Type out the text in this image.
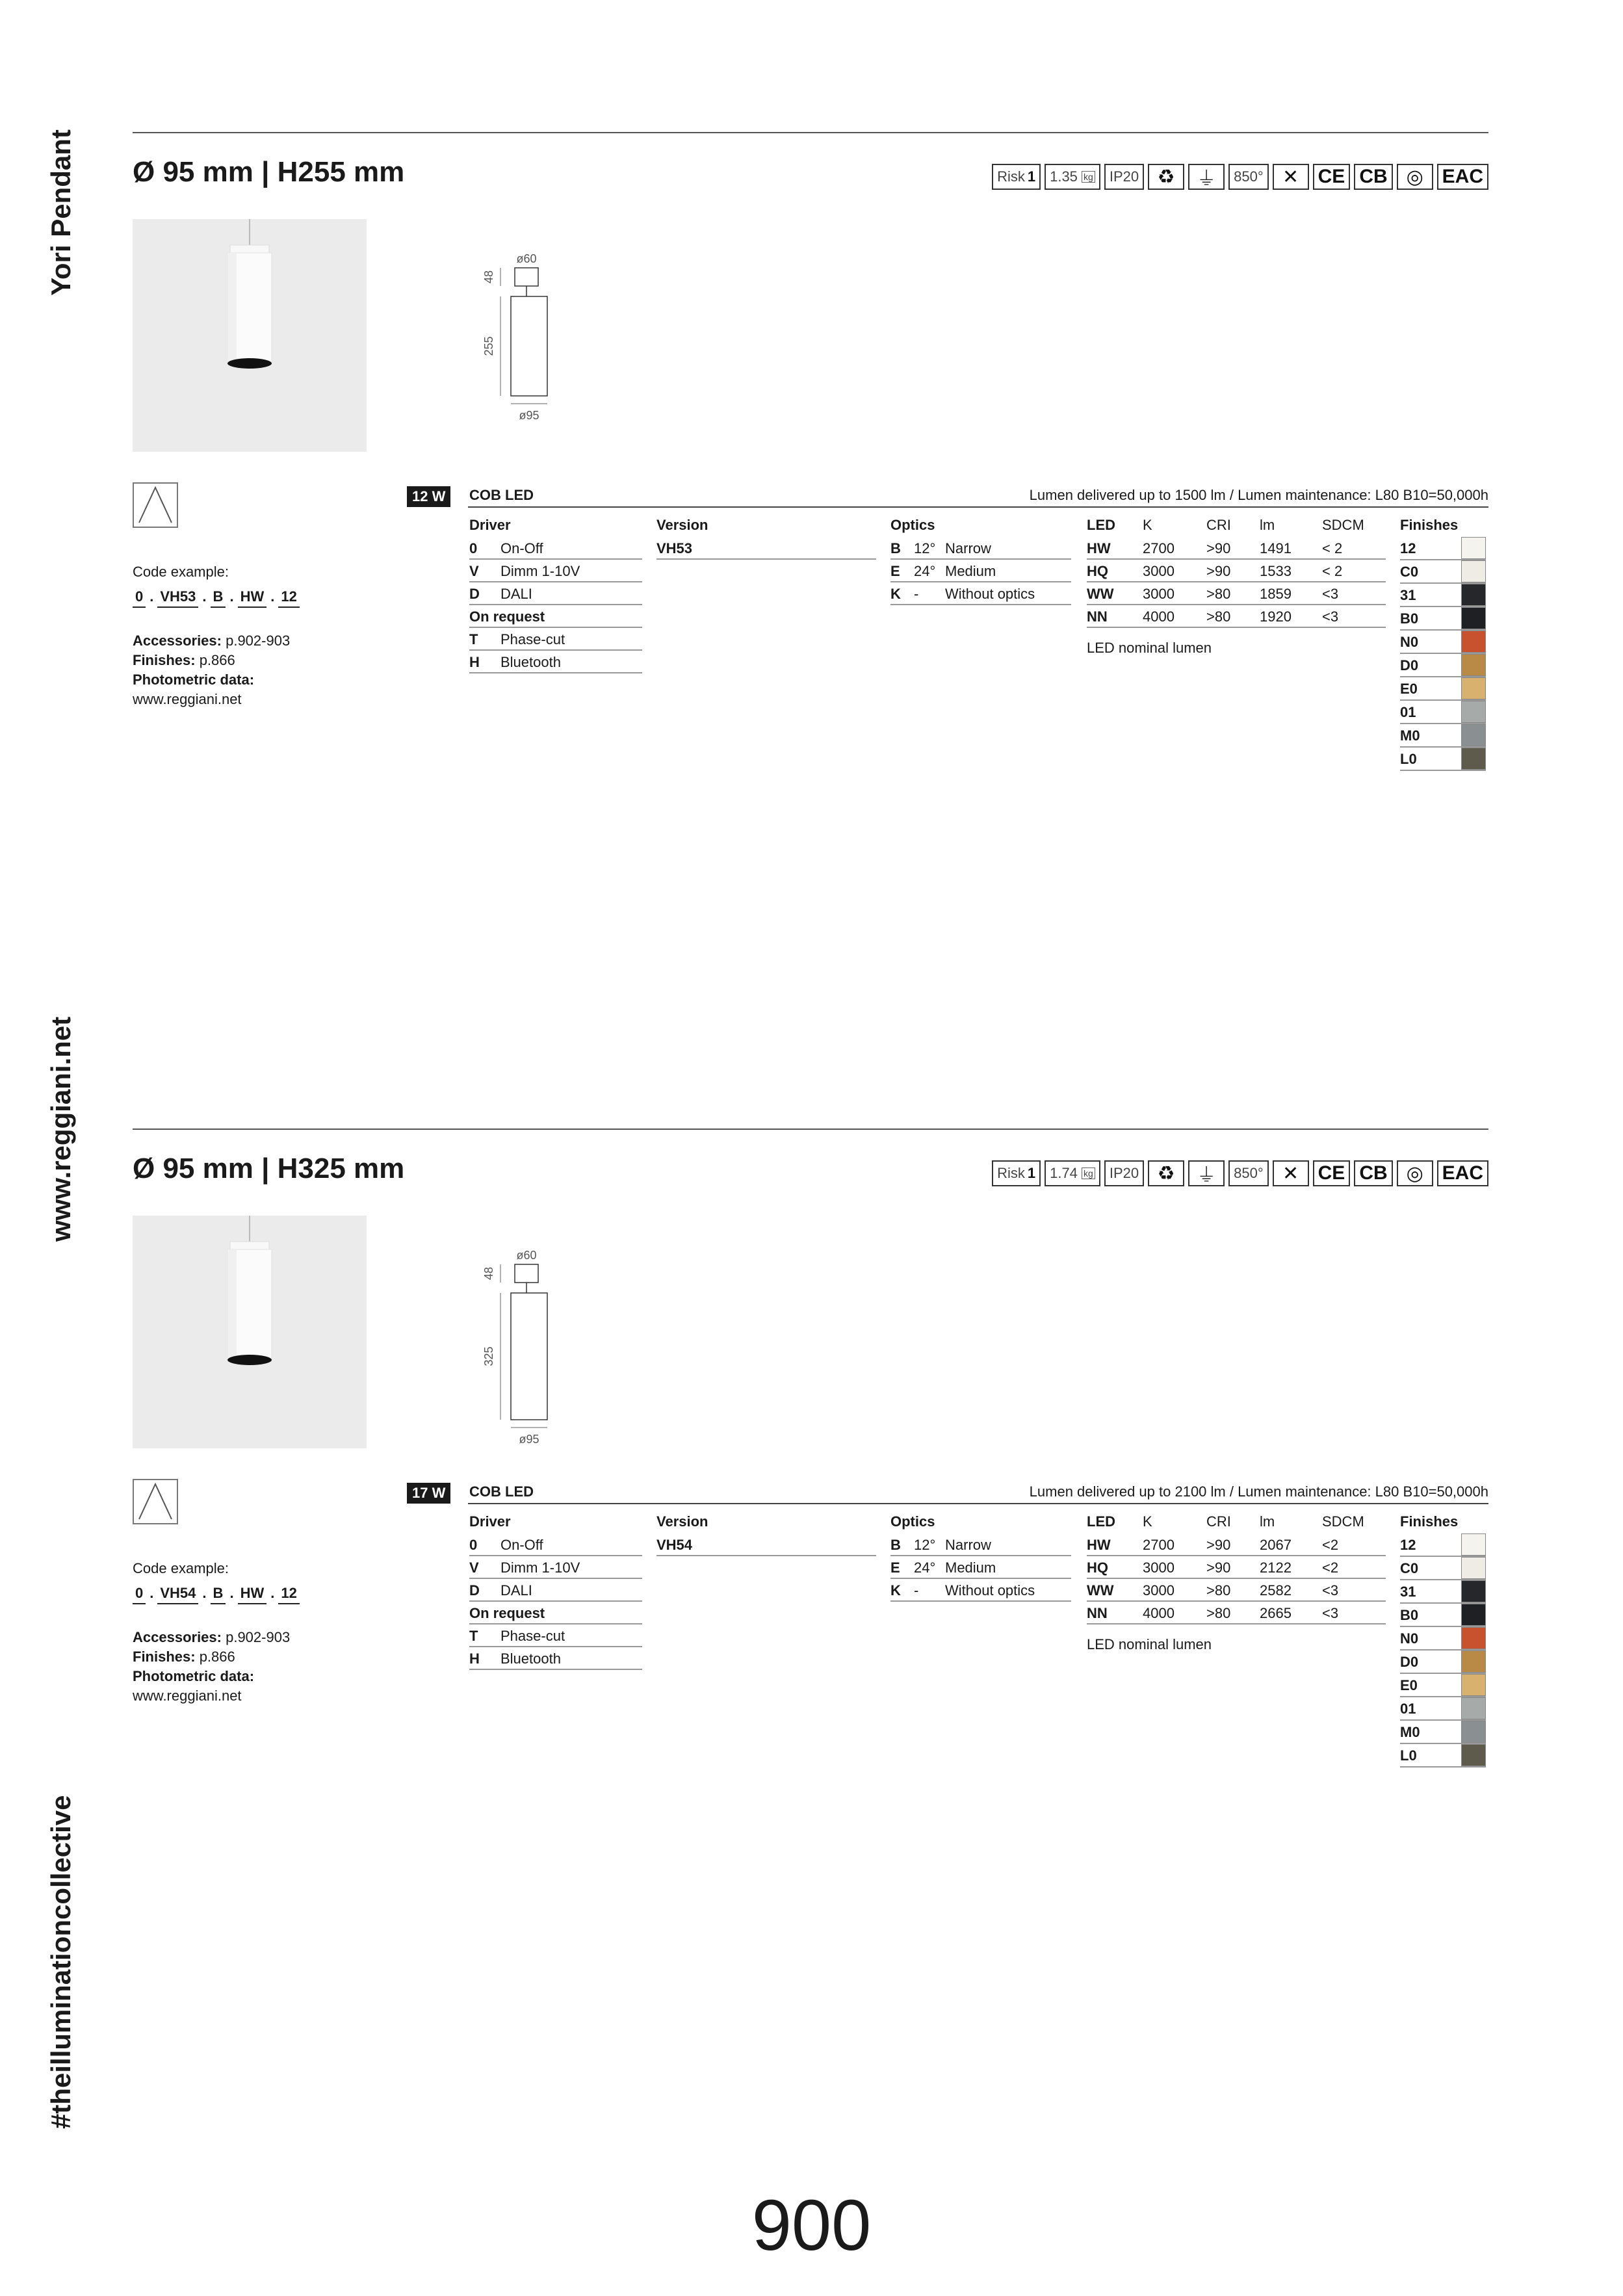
Yori Pendant
www.reggiani.net
#theilluminationcollective
Ø 95 mm | H255 mm	Risk 1 1.35
kg	IP20 ♻	⏚	850° ✕ CE CB ◎ EAC
ø60
48
255
ø95
Code example:
0 . VH53 . B . HW . 12
Accessories: p.902-903
Finishes: p.866
Photometric data:
www.reggiani.net
12 W	COB LED	Lumen delivered up to 1500 lm / Lumen maintenance: L80 B10=50,000h
Driver
0	On-Off
V	Dimm 1-10V
D	DALI
On request
T	Phase-cut
H	Bluetooth
Version
VH53
Optics
B 12° Narrow
E 24° Medium
K -	Without optics
LED	K	CRI	lm	SDCM
HW	2700	>90	1491	< 2
HQ	3000	>90	1533	< 2
WW	3000	>80	1859	<3
NN	4000	>80	1920	<3
LED nominal lumen
Finishes
12
C0
31
B0
N0
D0
E0
01
M0
L0
Ø 95 mm | H325 mm	Risk 1 1.74
kg	IP20 ♻	⏚	850° ✕ CE CB ◎ EAC
ø60
48
325
ø95
Code example:
0 . VH54 . B . HW . 12
Accessories: p.902-903
Finishes: p.866
Photometric data:
www.reggiani.net
17 W	COB LED	Lumen delivered up to 2100 lm / Lumen maintenance: L80 B10=50,000h
Driver
0	On-Off
V	Dimm 1-10V
D	DALI
On request
T	Phase-cut
H	Bluetooth
Version
VH54
Optics
B 12° Narrow
E 24° Medium
K -	Without optics
LED	K	CRI	lm	SDCM
HW	2700	>90	2067	<2
HQ	3000	>90	2122	<2
WW	3000	>80	2582	<3
NN	4000	>80	2665	<3
LED nominal lumen
Finishes
12
C0
31
B0
N0
D0
E0
01
M0
L0
900
